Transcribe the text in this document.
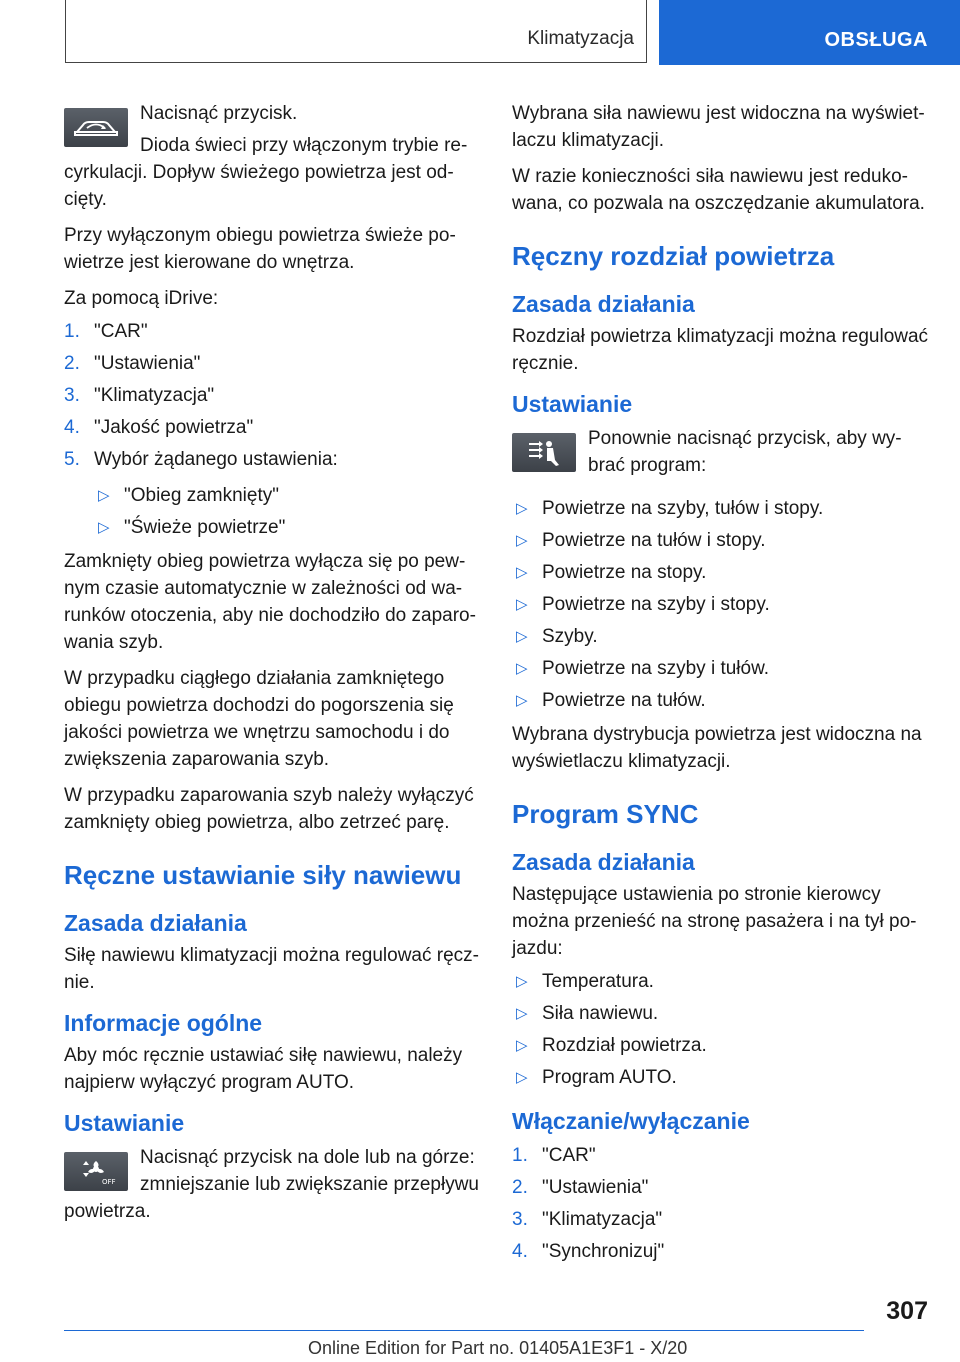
Klimatyzacja	OBSŁUGA

Nacisnąć przycisk.

Dioda świeci przy włączonym trybie re-cyrkulacji. Dopływ świeżego powietrza jest od-cięty.

Przy wyłączonym obiegu powietrza świeże po-wietrze jest kierowane do wnętrza.

Za pomocą iDrive:

1. "CAR"
2. "Ustawienia"
3. "Klimatyzacja"
4. "Jakość powietrza"
5. Wybór żądanego ustawienia:
▷ "Obieg zamknięty"
▷ "Świeże powietrze"

Zamknięty obieg powietrza wyłącza się po pew-nym czasie automatycznie w zależności od wa-runków otoczenia, aby nie dochodziło do zaparo-wania szyb.

W przypadku ciągłego działania zamkniętego obiegu powietrza dochodzi do pogorszenia się jakości powietrza we wnętrzu samochodu i do zwiększenia zaparowania szyb.

W przypadku zaparowania szyb należy wyłączyć zamknięty obieg powietrza, albo zetrzeć parę.

Ręczne ustawianie siły nawiewu
Zasada działania

Siłę nawiewu klimatyzacji można regulować ręcz-nie.

Informacje ogólne

Aby móc ręcznie ustawiać siłę nawiewu, należy najpierw wyłączyć program AUTO.

Ustawianie
OFF

Nacisnąć przycisk na dole lub na górze: zmniejszanie lub zwiększanie przepływu powietrza.

Wybrana siła nawiewu jest widoczna na wyświet-laczu klimatyzacji.

W razie konieczności siła nawiewu jest reduko-wana, co pozwala na oszczędzanie akumulatora.

Ręczny rozdział powietrza
Zasada działania

Rozdział powietrza klimatyzacji można regulować ręcznie.

Ustawianie

Ponownie nacisnąć przycisk, aby wy-brać program:

▷ Powietrze na szyby, tułów i stopy.
▷ Powietrze na tułów i stopy.
▷ Powietrze na stopy.
▷ Powietrze na szyby i stopy.
▷ Szyby.
▷ Powietrze na szyby i tułów.
▷ Powietrze na tułów.

Wybrana dystrybucja powietrza jest widoczna na wyświetlaczu klimatyzacji.

Program SYNC
Zasada działania

Następujące ustawienia po stronie kierowcy można przenieść na stronę pasażera i na tył po-jazdu:

▷ Temperatura.
▷ Siła nawiewu.
▷ Rozdział powietrza.
▷ Program AUTO.
Włączanie/wyłączanie
1. "CAR"
2. "Ustawienia"
3. "Klimatyzacja"
4. "Synchronizuj"
307
Online Edition for Part no. 01405A1E3F1 - X/20
